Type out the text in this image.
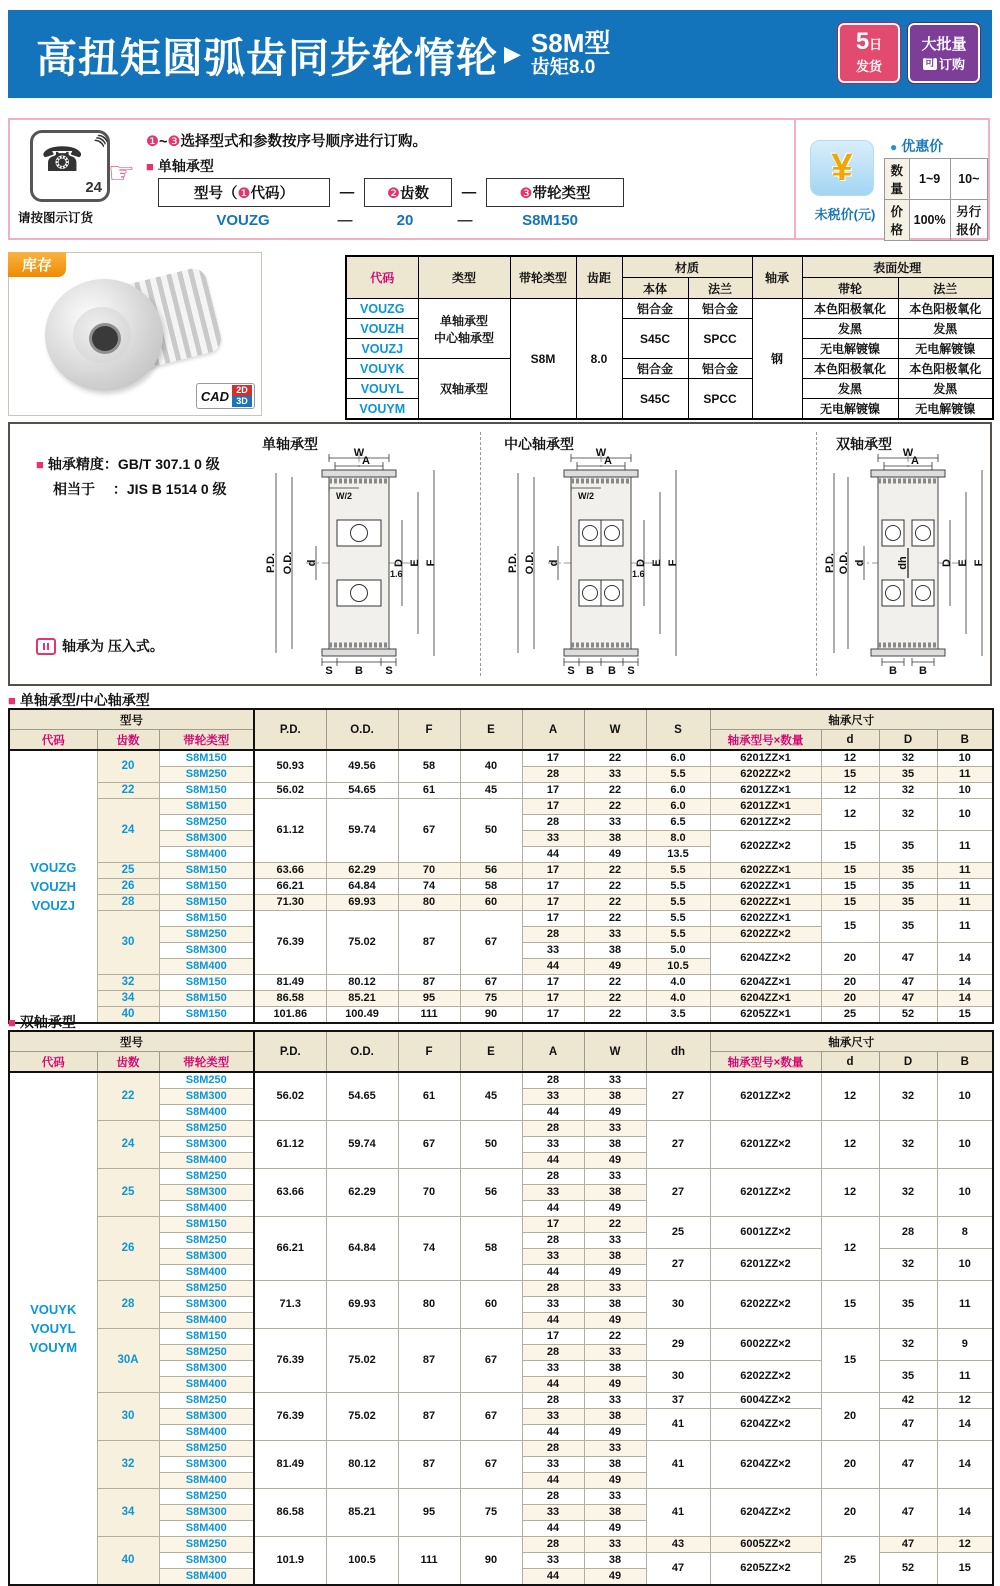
高扭矩圆弧齿同步轮惰轮 ▶ S8M型
齿矩8.0
5日
发货
大批量
可 订购
☎
24
)))
请按图示订货
☞
❶~❸选择型式和参数按序号顺序进行订购。
■ 单轴承型
型号（❶代码）	—	❷齿数	—	❸带轮类型
VOUZG	—	20	—	S8M150
¥
未税价(元)
● 优惠价
数量	1~9	10~
价格	100%	另行报价
库存
CAD 2D
3D
代码	类型	带轮类型	齿距	材质		轴承	表面处理	
				本体	法兰		带轮	法兰
VOUZG	单轴承型
中心轴承型	S8M	8.0	铝合金	铝合金	钢	本色阳极氧化	本色阳极氧化
VOUZH				S45C	SPCC		发黑	发黑
VOUZJ							无电解镀镍	无电解镀镍
VOUYK	双轴承型			铝合金	铝合金		本色阳极氧化	本色阳极氧化
VOUYL				S45C	SPCC		发黑	发黑
VOUYM							无电解镀镍	无电解镀镍
■ 轴承精度：GB/T 307.1 0 级
相当于　 ：JIS B 1514 0 级
轴承为 压入式。
单轴承型
W
A
W/2
P.D. O.D. d	D E F
1.6
S B S
中心轴承型
W
A
W/2
P.D. O.D. d	D E F
1.6
S B B S
双轴承型
W
A
P.D. O.D. d	dh	D E F
B B
■ 单轴承型/中心轴承型
型号			P.D.	O.D.	F	E	A	W	S	轴承尺寸			
代码	齿数	带轮类型								轴承型号×数量	d	D	B

VOUZG
VOUZH
VOUZJ	20	S8M150	50.93	49.56	58	40	17	22	6.0	6201ZZ×1	12	32	10
		S8M250					28	33	5.5	6202ZZ×2	15	35	11
	22	S8M150	56.02	54.65	61	45	17	22	6.0	6201ZZ×1	12	32	10
	24	S8M150	61.12	59.74	67	50	17	22	6.0	6201ZZ×1	12	32	10
		S8M250					28	33	6.5	6201ZZ×2			
		S8M300					33	38	8.0	6202ZZ×2	15	35	11
		S8M400					44	49	13.5				
	25	S8M150	63.66	62.29	70	56	17	22	5.5	6202ZZ×1	15	35	11
	26	S8M150	66.21	64.84	74	58	17	22	5.5	6202ZZ×1	15	35	11
	28	S8M150	71.30	69.93	80	60	17	22	5.5	6202ZZ×1	15	35	11
	30	S8M150	76.39	75.02	87	67	17	22	5.5	6202ZZ×1	15	35	11
		S8M250					28	33	5.5	6202ZZ×2			
		S8M300					33	38	5.0	6204ZZ×2	20	47	14
		S8M400					44	49	10.5				
	32	S8M150	81.49	80.12	87	67	17	22	4.0	6204ZZ×1	20	47	14
	34	S8M150	86.58	85.21	95	75	17	22	4.0	6204ZZ×1	20	47	14
	40	S8M150	101.86	100.49	111	90	17	22	3.5	6205ZZ×1	25	52	15
■ 双轴承型
型号			P.D.	O.D.	F	E	A	W	dh	轴承尺寸			
代码	齿数	带轮类型								轴承型号×数量	d	D	B

VOUYK
VOUYL
VOUYM	22	S8M250	56.02	54.65	61	45	28	33	27	6201ZZ×2	12	32	10
		S8M300					33	38					
		S8M400					44	49					
	24	S8M250	61.12	59.74	67	50	28	33	27	6201ZZ×2	12	32	10
		S8M300					33	38					
		S8M400					44	49					
	25	S8M250	63.66	62.29	70	56	28	33	27	6201ZZ×2	12	32	10
		S8M300					33	38					
		S8M400					44	49					
	26	S8M150	66.21	64.84	74	58	17	22	25	6001ZZ×2	12	28	8
		S8M250					28	33					
		S8M300					33	38	27	6201ZZ×2		32	10
		S8M400					44	49					
	28	S8M250	71.3	69.93	80	60	28	33	30	6202ZZ×2	15	35	11
		S8M300					33	38					
		S8M400					44	49					
	30A	S8M150	76.39	75.02	87	67	17	22	29	6002ZZ×2	15	32	9
		S8M250					28	33					
		S8M300					33	38	30	6202ZZ×2		35	11
		S8M400					44	49					
	30	S8M250	76.39	75.02	87	67	28	33	37	6004ZZ×2	20	42	12
		S8M300					33	38	41	6204ZZ×2		47	14
		S8M400					44	49					
	32	S8M250	81.49	80.12	87	67	28	33	41	6204ZZ×2	20	47	14
		S8M300					33	38					
		S8M400					44	49					
	34	S8M250	86.58	85.21	95	75	28	33	41	6204ZZ×2	20	47	14
		S8M300					33	38					
		S8M400					44	49					
	40	S8M250	101.9	100.5	111	90	28	33	43	6005ZZ×2	25	47	12
		S8M300					33	38	47	6205ZZ×2		52	15
		S8M400					44	49					
